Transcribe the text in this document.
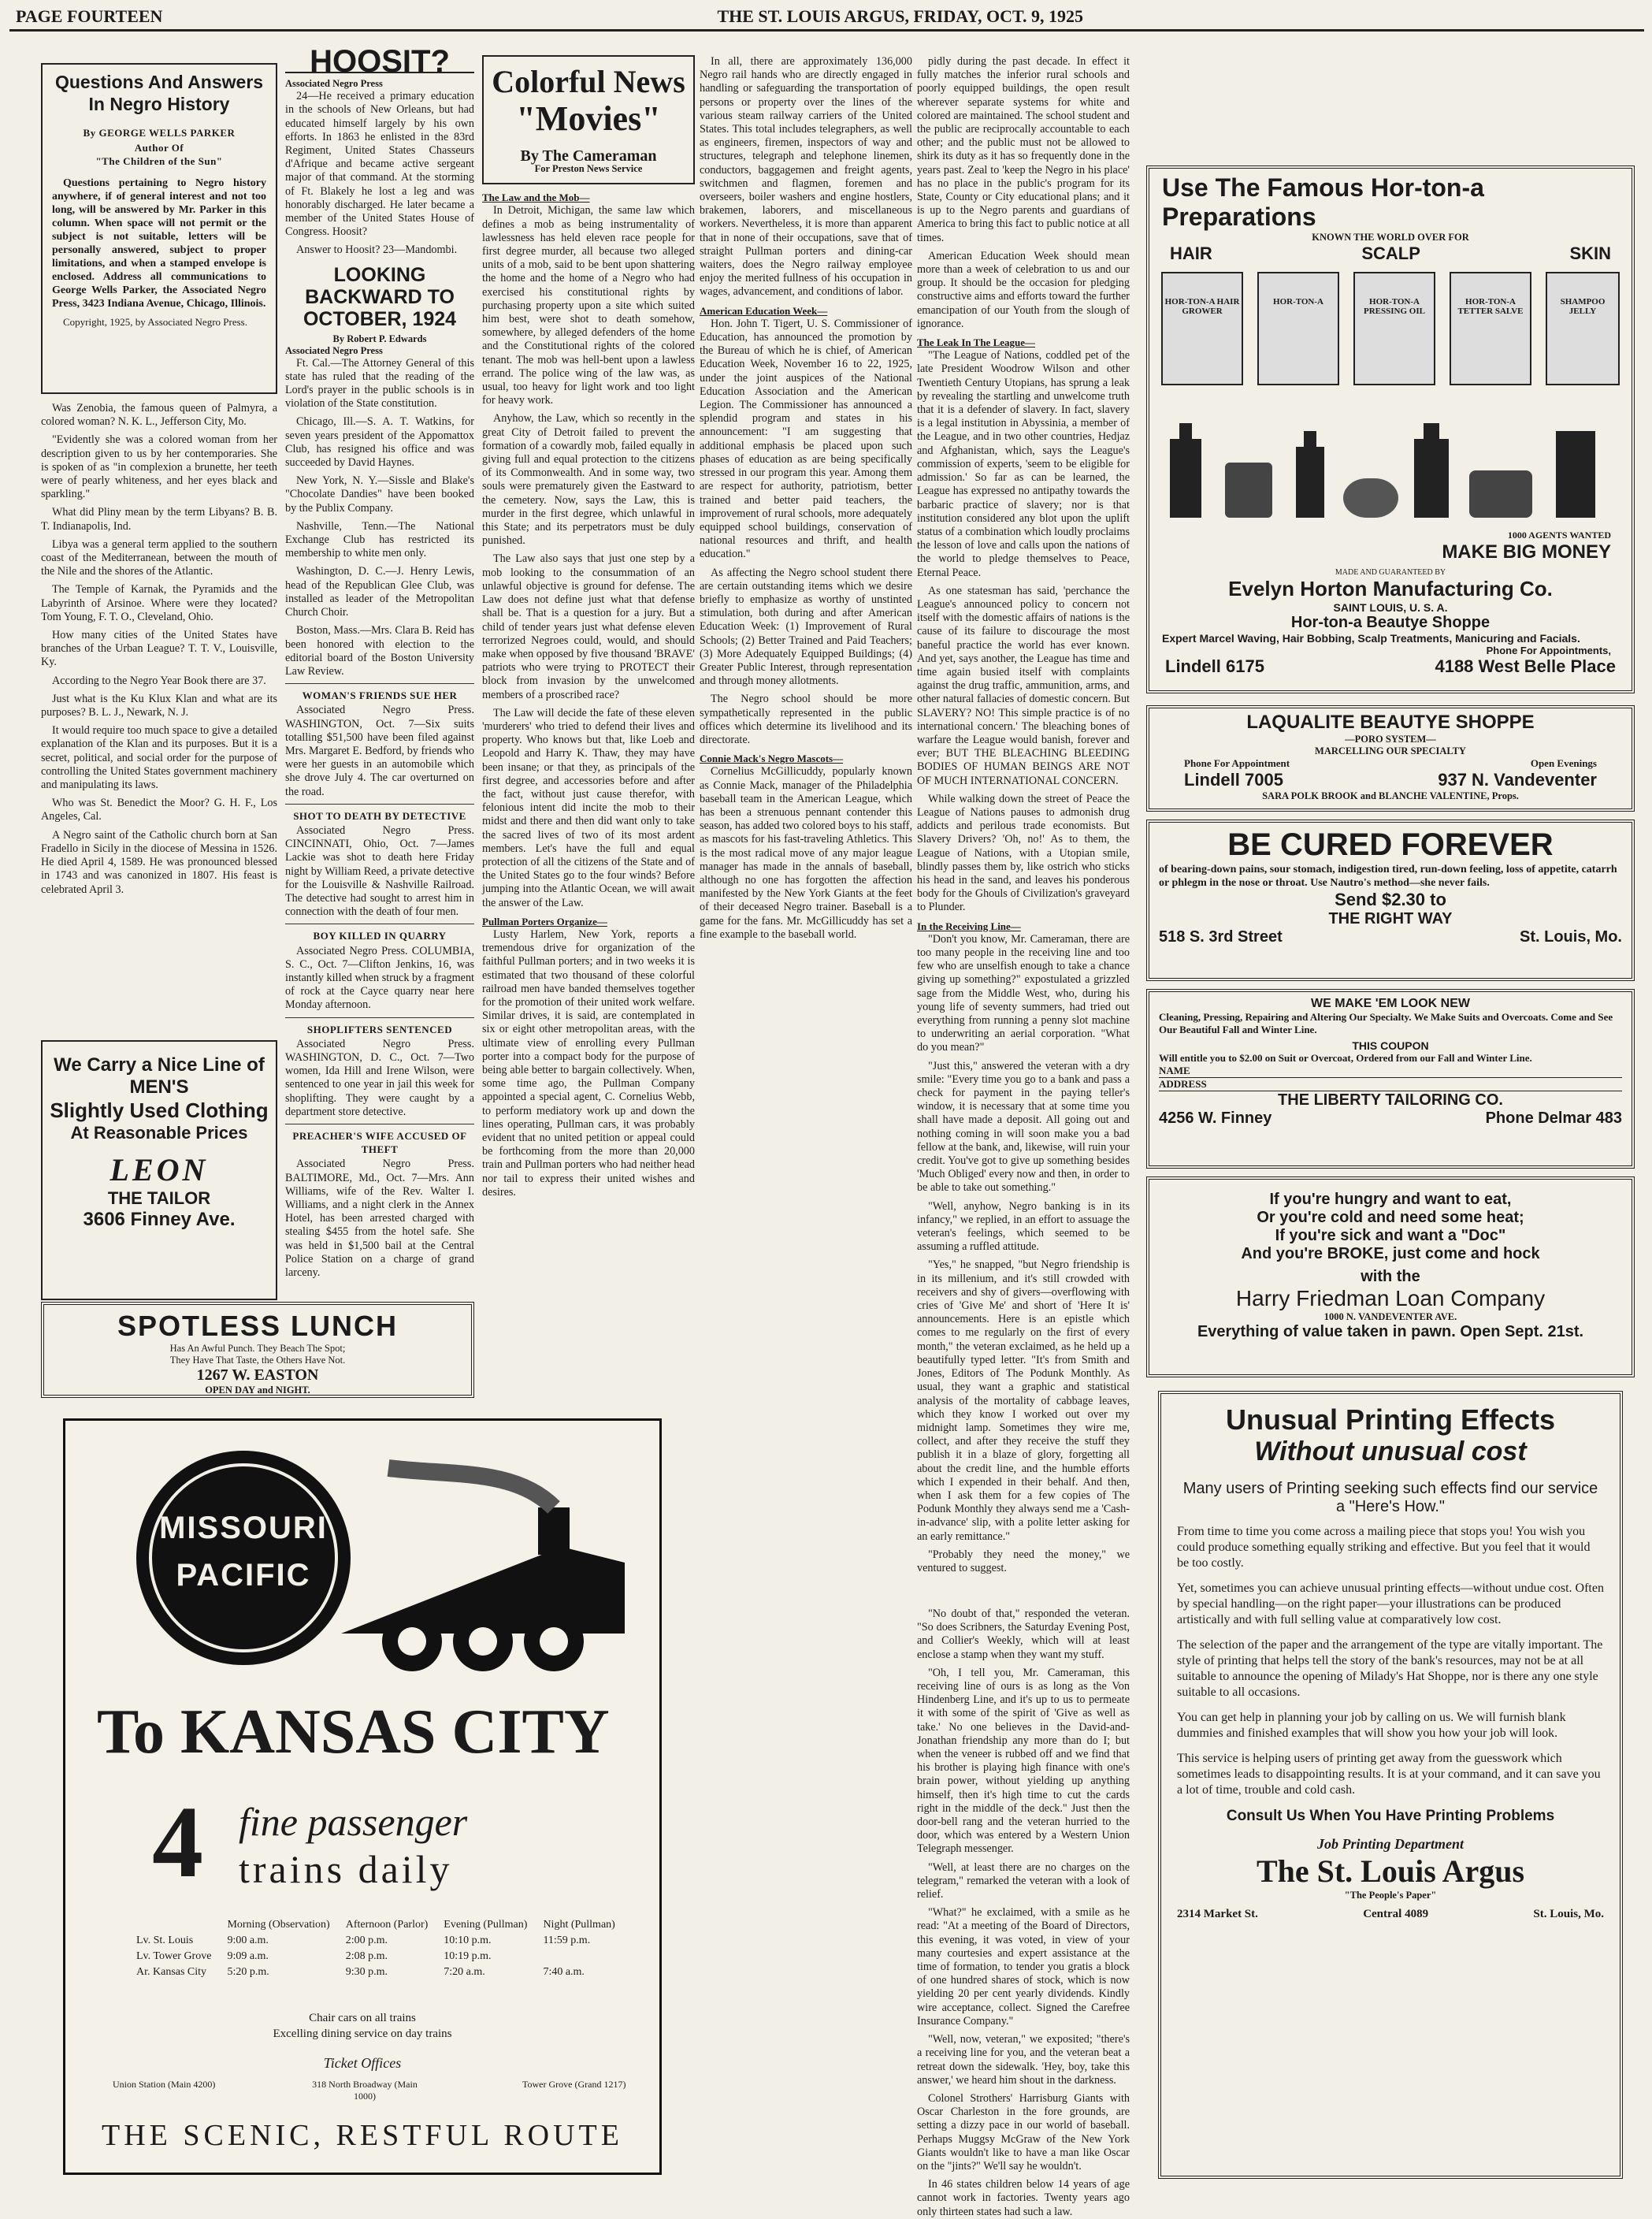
PAGE FOURTEEN	THE ST. LOUIS ARGUS, FRIDAY, OCT. 9, 1925
Questions And Answers In Negro History
By GEORGE WELLS PARKER
Author Of
"The Children of the Sun"

Questions pertaining to Negro history anywhere, if of general interest and not too long, will be answered by Mr. Parker in this column. When space will not permit or the subject is not suitable, letters will be personally answered, subject to proper limitations, and when a stamped envelope is enclosed. Address all communications to George Wells Parker, the Associated Negro Press, 3423 Indiana Avenue, Chicago, Illinois.

Copyright, 1925, by Associated Negro Press.

Was Zenobia, the famous queen of Palmyra, a colored woman? N. K. L., Jefferson City, Mo.

"Evidently she was a colored woman from her description given to us by her contemporaries. She is spoken of as "in complexion a brunette, her teeth were of pearly whiteness, and her eyes black and sparkling."

What did Pliny mean by the term Libyans? B. B. T. Indianapolis, Ind.

Libya was a general term applied to the southern coast of the Mediterranean, between the mouth of the Nile and the shores of the Atlantic.

The Temple of Karnak, the Pyramids and the Labyrinth of Arsinoe. Where were they located? Tom Young, F. T. O., Cleveland, Ohio.

How many cities of the United States have branches of the Urban League? T. T. V., Louisville, Ky.

According to the Negro Year Book there are 37.

Just what is the Ku Klux Klan and what are its purposes? B. L. J., Newark, N. J.

It would require too much space to give a detailed explanation of the Klan and its purposes. But it is a secret, political, and social order for the purpose of controlling the United States government machinery and manipulating its laws.

Who was St. Benedict the Moor? G. H. F., Los Angeles, Cal.

A Negro saint of the Catholic church born at San Fradello in Sicily in the diocese of Messina in 1526. He died April 4, 1589. He was pronounced blessed in 1743 and was canonized in 1807. His feast is celebrated April 3.

We Carry a Nice Line of
MEN'S
Slightly Used Clothing
At Reasonable Prices
LEON
THE TAILOR
3606 Finney Ave.
HOOSIT?
Associated Negro Press

24—He received a primary education in the schools of New Orleans, but had educated himself largely by his own efforts. In 1863 he enlisted in the 83rd Regiment, United States Chasseurs d'Afrique and became active sergeant major of that command. At the storming of Ft. Blakely he lost a leg and was honorably discharged. He later became a member of the United States House of Congress. Hoosit?

Answer to Hoosit? 23—Mandombi.

LOOKING BACKWARD TO OCTOBER, 1924
By Robert P. Edwards
Associated Negro Press

Ft. Cal.—The Attorney General of this state has ruled that the reading of the Lord's prayer in the public schools is in violation of the State constitution.

Chicago, Ill.—S. A. T. Watkins, for seven years president of the Appomattox Club, has resigned his office and was succeeded by David Haynes.

New York, N. Y.—Sissle and Blake's "Chocolate Dandies" have been booked by the Publix Company.

Nashville, Tenn.—The National Exchange Club has restricted its membership to white men only.

Washington, D. C.—J. Henry Lewis, head of the Republican Glee Club, was installed as leader of the Metropolitan Church Choir.

Boston, Mass.—Mrs. Clara B. Reid has been honored with election to the editorial board of the Boston University Law Review.

WOMAN'S FRIENDS SUE HER

Associated Negro Press. WASHINGTON, Oct. 7—Six suits totalling $51,500 have been filed against Mrs. Margaret E. Bedford, by friends who were her guests in an automobile which she drove July 4. The car overturned on the road.

SHOT TO DEATH BY DETECTIVE

Associated Negro Press. CINCINNATI, Ohio, Oct. 7—James Lackie was shot to death here Friday night by William Reed, a private detective for the Louisville & Nashville Railroad. The detective had sought to arrest him in connection with the death of four men.

BOY KILLED IN QUARRY

Associated Negro Press. COLUMBIA, S. C., Oct. 7—Clifton Jenkins, 16, was instantly killed when struck by a fragment of rock at the Cayce quarry near here Monday afternoon.

SHOPLIFTERS SENTENCED

Associated Negro Press. WASHINGTON, D. C., Oct. 7—Two women, Ida Hill and Irene Wilson, were sentenced to one year in jail this week for shoplifting. They were caught by a department store detective.

PREACHER'S WIFE ACCUSED OF THEFT

Associated Negro Press. BALTIMORE, Md., Oct. 7—Mrs. Ann Williams, wife of the Rev. Walter I. Williams, and a night clerk in the Annex Hotel, has been arrested charged with stealing $455 from the hotel safe. She was held in $1,500 bail at the Central Police Station on a charge of grand larceny.

SPOTLESS LUNCH
Has An Awful Punch. They Beach The Spot;
They Have That Taste, the Others Have Not.
1267 W. EASTON
OPEN DAY and NIGHT.
MISSOURI
PACIFIC
To KANSAS CITY
4 fine passenger
trains daily
	Morning (Observation)	Afternoon (Parlor)	Evening (Pullman)	Night (Pullman)
Lv. St. Louis	9:00 a.m.	2:00 p.m.	10:10 p.m.	11:59 p.m.
Lv. Tower Grove	9:09 a.m.	2:08 p.m.	10:19 p.m.	
Ar. Kansas City	5:20 p.m.	9:30 p.m.	7:20 a.m.	7:40 a.m.
Chair cars on all trains
Excelling dining service on day trains
Ticket Offices
Union Station (Main 4200)	318 North Broadway (Main 1000)
Tower Grove (Grand 1217)
THE SCENIC, RESTFUL ROUTE
Colorful News
"Movies"
By The Cameraman
For Preston News Service
The Law and the Mob—

In Detroit, Michigan, the same law which defines a mob as being instrumentality of lawlessness has held eleven race people for first degree murder, all because two alleged units of a mob, said to be bent upon shattering the home and the home of a Negro who had exercised his constitutional rights by purchasing property upon a site which suited him best, were shot to death somehow, somewhere, by alleged defenders of the home and the Constitutional rights of the colored tenant. The mob was hell-bent upon a lawless errand. The police wing of the law was, as usual, too heavy for light work and too light for heavy work.

Anyhow, the Law, which so recently in the great City of Detroit failed to prevent the formation of a cowardly mob, failed equally in giving full and equal protection to the citizens of its Commonwealth. And in some way, two souls were prematurely given the Eastward to the cemetery. Now, says the Law, this is murder in the first degree, which unlawful in this State; and its perpetrators must be duly punished.

The Law also says that just one step by a mob looking to the consummation of an unlawful objective is ground for defense. The Law does not define just what that defense shall be. That is a question for a jury. But a child of tender years just what defense eleven terrorized Negroes could, would, and should make when opposed by five thousand 'BRAVE' patriots who were trying to PROTECT their block from invasion by the unwelcomed members of a proscribed race?

The Law will decide the fate of these eleven 'murderers' who tried to defend their lives and property. Who knows but that, like Loeb and Leopold and Harry K. Thaw, they may have been insane; or that they, as principals of the first degree, and accessories before and after the fact, without just cause therefor, with felonious intent did incite the mob to their midst and there and then did want only to take the sacred lives of two of its most ardent members. Let's have the full and equal protection of all the citizens of the State and of the United States go to the four winds? Before jumping into the Atlantic Ocean, we will await the answer of the Law.

Pullman Porters Organize—

Lusty Harlem, New York, reports a tremendous drive for organization of the faithful Pullman porters; and in two weeks it is estimated that two thousand of these colorful railroad men have banded themselves together for the promotion of their united work welfare. Similar drives, it is said, are contemplated in six or eight other metropolitan areas, with the ultimate view of enrolling every Pullman porter into a compact body for the purpose of being able better to bargain collectively. When, some time ago, the Pullman Company appointed a special agent, C. Cornelius Webb, to perform mediatory work up and down the lines operating, Pullman cars, it was probably evident that no united petition or appeal could be forthcoming from the more than 20,000 train and Pullman porters who had neither head nor tail to express their united wishes and desires.

In all, there are approximately 136,000 Negro rail hands who are directly engaged in handling or safeguarding the transportation of persons or property over the lines of the various steam railway carriers of the United States. This total includes telegraphers, as well as engineers, firemen, inspectors of way and structures, telegraph and telephone linemen, conductors, baggagemen and freight agents, switchmen and flagmen, foremen and overseers, boiler washers and engine hostlers, brakemen, laborers, and miscellaneous workers. Nevertheless, it is more than apparent that in none of their occupations, save that of straight Pullman porters and dining-car waiters, does the Negro railway employee enjoy the merited fullness of his occupation in wages, advancement, and conditions of labor.

American Education Week—

Hon. John T. Tigert, U. S. Commissioner of Education, has announced the promotion by the Bureau of which he is chief, of American Education Week, November 16 to 22, 1925, under the joint auspices of the National Education Association and the American Legion. The Commissioner has announced a splendid program and states in his announcement: "I am suggesting that additional emphasis be placed upon such phases of education as are being specifically stressed in our program this year. Among them are respect for authority, patriotism, better trained and better paid teachers, the improvement of rural schools, more adequately equipped school buildings, conservation of national resources and thrift, and health education."

As affecting the Negro school student there are certain outstanding items which we desire briefly to emphasize as worthy of unstinted stimulation, both during and after American Education Week: (1) Improvement of Rural Schools; (2) Better Trained and Paid Teachers; (3) More Adequately Equipped Buildings; (4) Greater Public Interest, through representation and through money allotments.

The Negro school should be more sympathetically represented in the public offices which determine its livelihood and its directorate.

Connie Mack's Negro Mascots—

Cornelius McGillicuddy, popularly known as Connie Mack, manager of the Philadelphia baseball team in the American League, which has been a strenuous pennant contender this season, has added two colored boys to his staff, as mascots for his fast-traveling Athletics. This is the most radical move of any major league manager has made in the annals of baseball, although no one has forgotten the affection manifested by the New York Giants at the feet of their deceased Negro trainer. Baseball is a game for the fans. Mr. McGillicuddy has set a fine example to the baseball world.

pidly during the past decade. In effect it fully matches the inferior rural schools and poorly equipped buildings, the open result wherever separate systems for white and colored are maintained. The school student and the public are reciprocally accountable to each other; and the public must not be allowed to shirk its duty as it has so frequently done in the years past. Zeal to 'keep the Negro in his place' has no place in the public's program for its State, County or City educational plans; and it is up to the Negro parents and guardians of America to bring this fact to public notice at all times.

American Education Week should mean more than a week of celebration to us and our group. It should be the occasion for pledging constructive aims and efforts toward the further emancipation of our Youth from the slough of ignorance.

The Leak In The League—

"The League of Nations, coddled pet of the late President Woodrow Wilson and other Twentieth Century Utopians, has sprung a leak by revealing the startling and unwelcome truth that it is a defender of slavery. In fact, slavery is a legal institution in Abyssinia, a member of the League, and in two other countries, Hedjaz and Afghanistan, which, says the League's commission of experts, 'seem to be eligible for admission.' So far as can be learned, the League has expressed no antipathy towards the barbaric practice of slavery; nor is that institution considered any blot upon the uplift status of a combination which loudly proclaims the lesson of love and calls upon the nations of the world to pledge themselves to Peace, Eternal Peace.

As one statesman has said, 'perchance the League's announced policy to concern not itself with the domestic affairs of nations is the cause of its failure to discourage the most baneful practice the world has ever known. And yet, says another, the League has time and time again busied itself with complaints against the drug traffic, ammunition, arms, and other natural fallacies of domestic concern. But SLAVERY? NO! This simple practice is of no international concern.' The bleaching bones of warfare the League would banish, forever and ever; BUT THE BLEACHING BLEEDING BODIES OF HUMAN BEINGS ARE NOT OF MUCH INTERNATIONAL CONCERN.

While walking down the street of Peace the League of Nations pauses to admonish drug addicts and perilous trade economists. But Slavery Drivers? 'Oh, no!' As to them, the League of Nations, with a Utopian smile, blindly passes them by, like ostrich who sticks his head in the sand, and leaves his ponderous body for the Ghouls of Civilization's graveyard to Plunder.

In the Receiving Line—

"Don't you know, Mr. Cameraman, there are too many people in the receiving line and too few who are unselfish enough to take a chance giving up something?" expostulated a grizzled sage from the Middle West, who, during his young life of seventy summers, had tried out everything from running a penny slot machine to underwriting an aerial corporation. "What do you mean?"

"Just this," answered the veteran with a dry smile: "Every time you go to a bank and pass a check for payment in the paying teller's window, it is necessary that at some time you shall have made a deposit. All going out and nothing coming in will soon make you a bad fellow at the bank, and, likewise, will ruin your credit. You've got to give up something besides 'Much Obliged' every now and then, in order to be able to take out something."

"Well, anyhow, Negro banking is in its infancy," we replied, in an effort to assuage the veteran's feelings, which seemed to be assuming a ruffled attitude.

"Yes," he snapped, "but Negro friendship is in its millenium, and it's still crowded with receivers and shy of givers—overflowing with cries of 'Give Me' and short of 'Here It is' announcements. Here is an epistle which comes to me regularly on the first of every month," the veteran exclaimed, as he held up a beautifully typed letter. "It's from Smith and Jones, Editors of The Podunk Monthly. As usual, they want a graphic and statistical analysis of the mortality of cabbage leaves, which they know I worked out over my midnight lamp. Sometimes they wire me, collect, and after they receive the stuff they publish it in a blaze of glory, forgetting all about the credit line, and the humble efforts which I expended in their behalf. And then, when I ask them for a few copies of The Podunk Monthly they always send me a 'Cash-in-advance' slip, with a polite letter asking for an early remittance."

"Probably they need the money," we ventured to suggest.

"No doubt of that," responded the veteran. "So does Scribners, the Saturday Evening Post, and Collier's Weekly, which will at least enclose a stamp when they want my stuff.

"Oh, I tell you, Mr. Cameraman, this receiving line of ours is as long as the Von Hindenberg Line, and it's up to us to permeate it with some of the spirit of 'Give as well as take.' No one believes in the David-and-Jonathan friendship any more than do I; but when the veneer is rubbed off and we find that his brother is playing high finance with one's brain power, without yielding up anything himself, then it's high time to cut the cards right in the middle of the deck." Just then the door-bell rang and the veteran hurried to the door, which was entered by a Western Union Telegraph messenger.

"Well, at least there are no charges on the telegram," remarked the veteran with a look of relief.

"What?" he exclaimed, with a smile as he read: "At a meeting of the Board of Directors, this evening, it was voted, in view of your many courtesies and expert assistance at the time of formation, to tender you gratis a block of one hundred shares of stock, which is now yielding 20 per cent yearly dividends. Kindly wire acceptance, collect. Signed the Carefree Insurance Company."

"Well, now, veteran," we exposited; "there's a receiving line for you, and the veteran beat a retreat down the sidewalk. 'Hey, boy, take this answer,' we heard him shout in the darkness.

Colonel Strothers' Harrisburg Giants with Oscar Charleston in the fore grounds, are setting a dizzy pace in our world of baseball. Perhaps Muggsy McGraw of the New York Giants wouldn't like to have a man like Oscar on the "jints?" We'll say he wouldn't.

In 46 states children below 14 years of age cannot work in factories. Twenty years ago only thirteen states had such a law.

Use The Famous Hor-ton-a Preparations
KNOWN THE WORLD OVER FOR
HAIR	SCALP	SKIN
HOR-TON-A HAIR GROWER
HOR-TON-A	HOR-TON-A PRESSING OIL
HOR-TON-A TETTER SALVE
SHAMPOO JELLY
1000 AGENTS WANTED
MAKE BIG MONEY
MADE AND GUARANTEED BY
Evelyn Horton Manufacturing Co.
SAINT LOUIS, U. S. A.
Hor-ton-a Beautye Shoppe
Expert Marcel Waving, Hair Bobbing, Scalp Treatments, Manicuring and Facials.
Phone For Appointments,
Lindell 6175	4188 West Belle Place
LAQUALITE BEAUTYE SHOPPE
—PORO SYSTEM—
MARCELLING OUR SPECIALTY
Phone For Appointment	Open Evenings
Lindell 7005	937 N. Vandeventer
SARA POLK BROOK and BLANCHE VALENTINE, Props.
BE CURED FOREVER
of bearing-down pains, sour stomach, indigestion tired, run-down feeling, loss of appetite, catarrh or phlegm in the nose or throat. Use Nautro's method—she never fails.
Send $2.30 to
THE RIGHT WAY
518 S. 3rd Street	St. Louis, Mo.
WE MAKE 'EM LOOK NEW
Cleaning, Pressing, Repairing and Altering Our Specialty. We Make Suits and Overcoats. Come and See Our Beautiful Fall and Winter Line.
THIS COUPON
Will entitle you to $2.00 on Suit or Overcoat, Ordered from our Fall and Winter Line.
NAME
ADDRESS
THE LIBERTY TAILORING CO.
4256 W. Finney	Phone Delmar 483
If you're hungry and want to eat,
Or you're cold and need some heat;
If you're sick and want a "Doc"
And you're BROKE, just come and hock
with the
Harry Friedman Loan Company
1000 N. VANDEVENTER AVE.
Everything of value taken in pawn. Open Sept. 21st.
Unusual Printing Effects
Without unusual cost
Many users of Printing seeking such effects find our service a "Here's How."
From time to time you come across a mailing piece that stops you! You wish you could produce something equally striking and effective. But you feel that it would be too costly.
Yet, sometimes you can achieve unusual printing effects—without undue cost. Often by special handling—on the right paper—your illustrations can be produced artistically and with full selling value at comparatively low cost.
The selection of the paper and the arrangement of the type are vitally important. The style of printing that helps tell the story of the bank's resources, may not be at all suitable to announce the opening of Milady's Hat Shoppe, nor is there any one style suitable to all occasions.
You can get help in planning your job by calling on us. We will furnish blank dummies and finished examples that will show you how your job will look.
This service is helping users of printing get away from the guesswork which sometimes leads to disappointing results. It is at your command, and it can save you a lot of time, trouble and cold cash.
Consult Us When You Have Printing Problems
Job Printing Department
The St. Louis Argus
"The People's Paper"
2314 Market St.	Central 4089	St. Louis, Mo.
